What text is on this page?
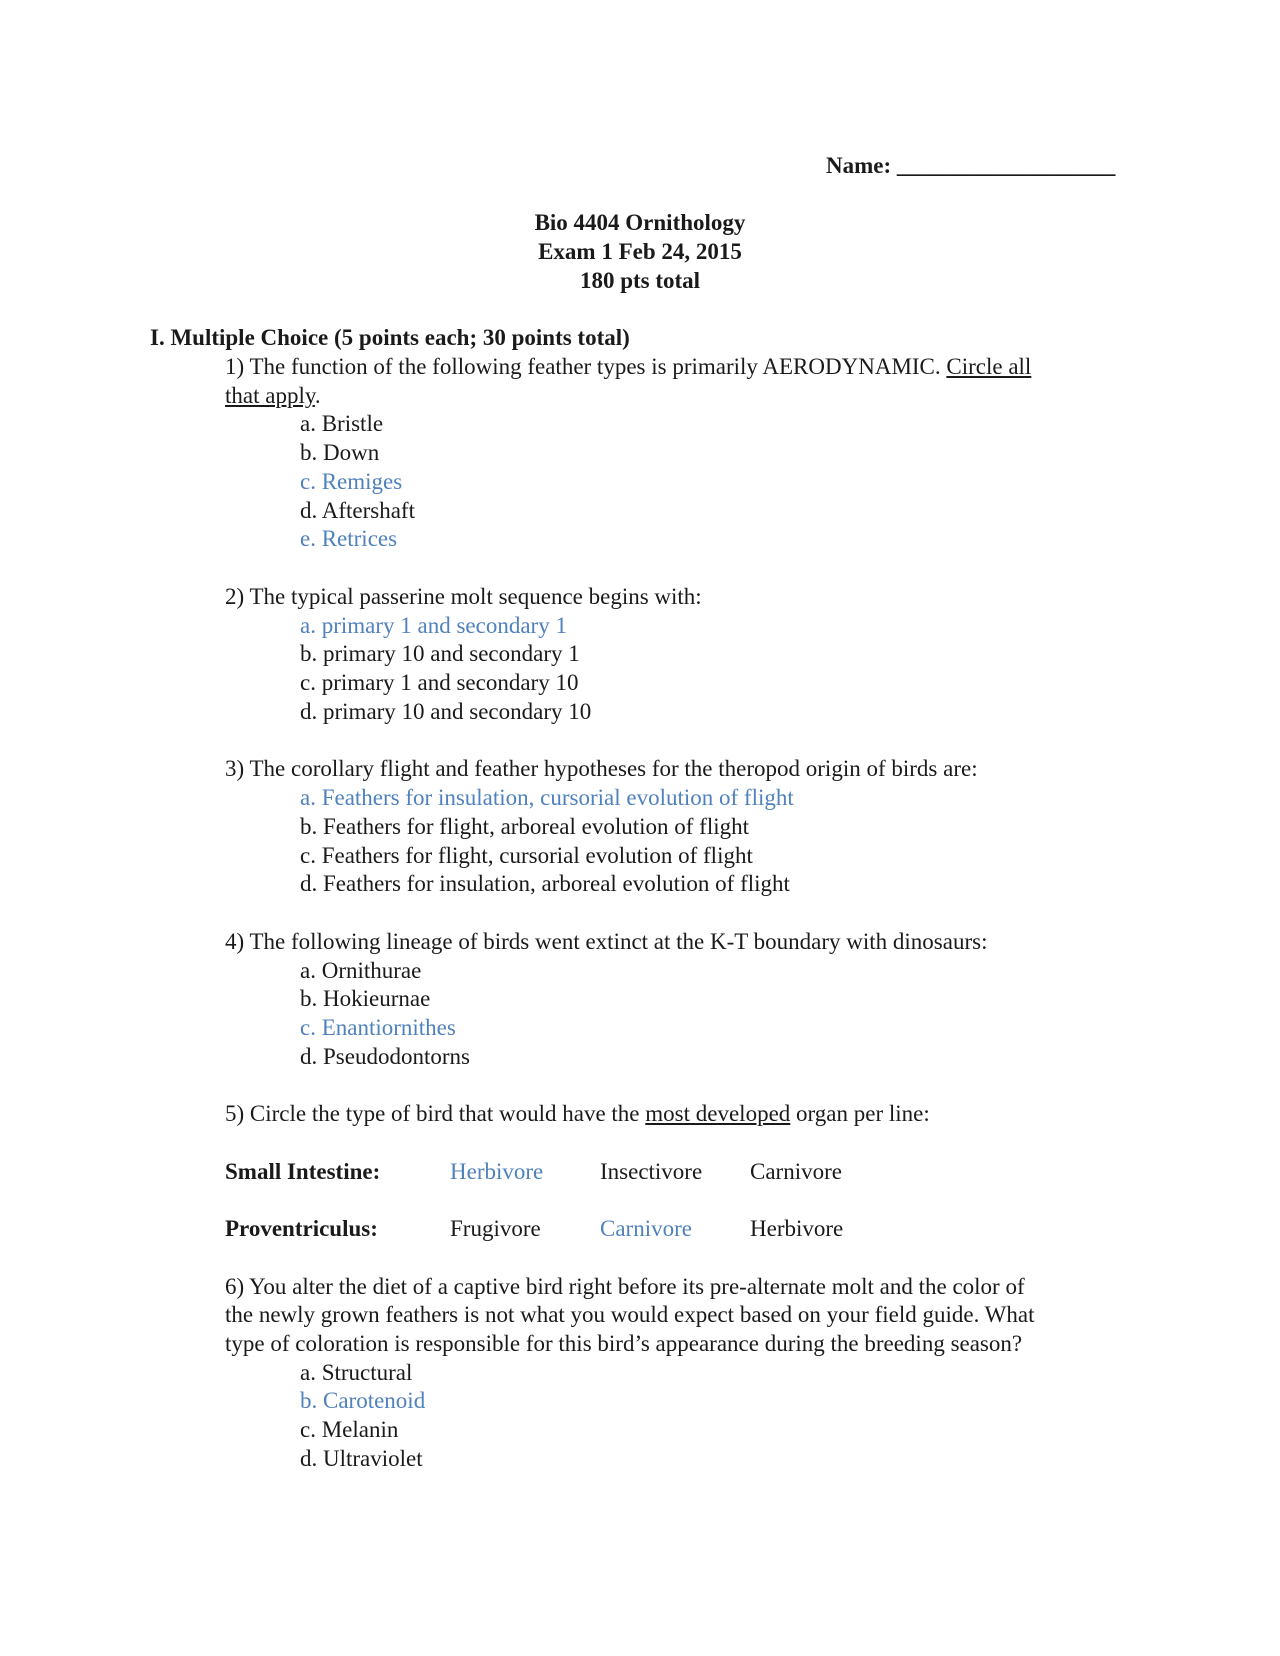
Name: ___________________
Bio 4404 Ornithology
Exam 1 Feb 24, 2015
180 pts total
I. Multiple Choice (5 points each; 30 points total)
1) The function of the following feather types is primarily AERODYNAMIC. Circle all
that apply.
a. Bristle
b. Down
c. Remiges
d. Aftershaft
e. Retrices
2) The typical passerine molt sequence begins with:
a. primary 1 and secondary 1
b. primary 10 and secondary 1
c. primary 1 and secondary 10
d. primary 10 and secondary 10
3) The corollary flight and feather hypotheses for the theropod origin of birds are:
a. Feathers for insulation, cursorial evolution of flight
b. Feathers for flight, arboreal evolution of flight
c. Feathers for flight, cursorial evolution of flight
d. Feathers for insulation, arboreal evolution of flight
4) The following lineage of birds went extinct at the K-T boundary with dinosaurs:
a. Ornithurae
b. Hokieurnae
c. Enantiornithes
d. Pseudodontorns
5) Circle the type of bird that would have the most developed organ per line:
Small Intestine:	Herbivore Insectivore Carnivore
Proventriculus:	Frugivore	Carnivore	Herbivore
6) You alter the diet of a captive bird right before its pre-alternate molt and the color of
the newly grown feathers is not what you would expect based on your field guide. What
type of coloration is responsible for this bird’s appearance during the breeding season?
a. Structural
b. Carotenoid
c. Melanin
d. Ultraviolet
